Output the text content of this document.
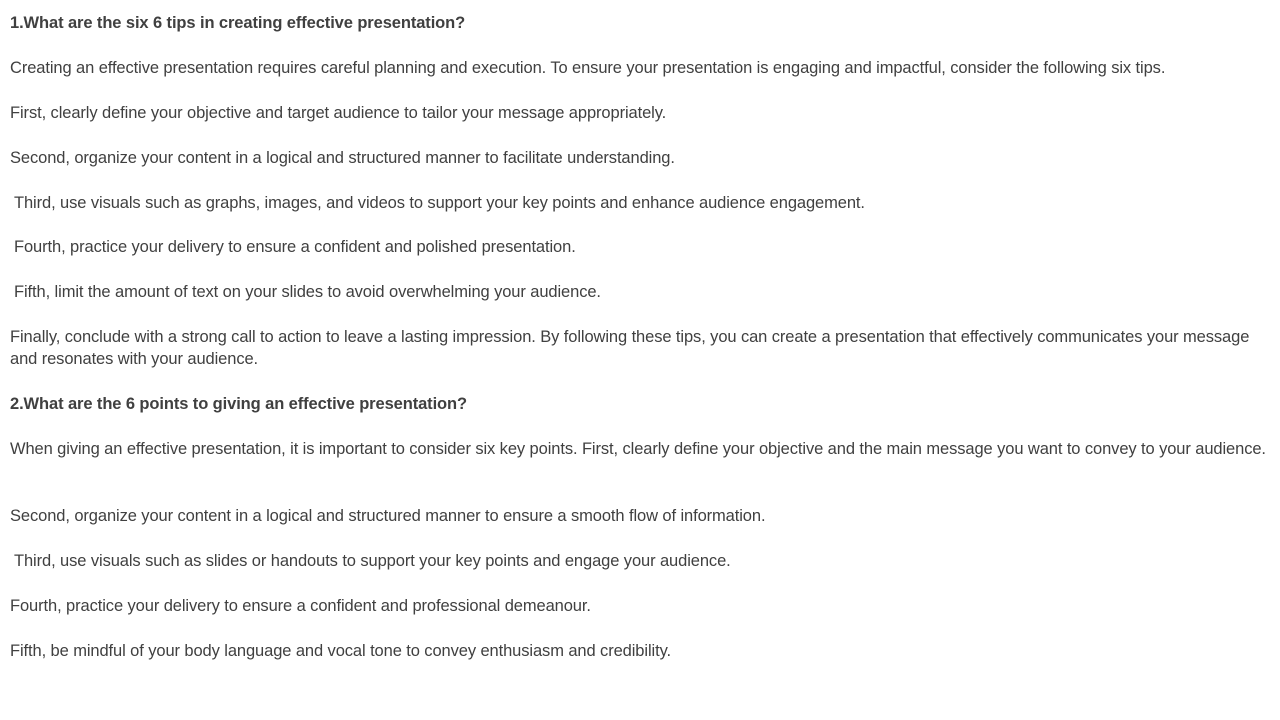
1.What are the six 6 tips in creating effective presentation?
Creating an effective presentation requires careful planning and execution. To ensure your presentation is engaging and impactful, consider the following six tips.
First, clearly define your objective and target audience to tailor your message appropriately.
Second, organize your content in a logical and structured manner to facilitate understanding.
Third, use visuals such as graphs, images, and videos to support your key points and enhance audience engagement.
Fourth, practice your delivery to ensure a confident and polished presentation.
Fifth, limit the amount of text on your slides to avoid overwhelming your audience.
Finally, conclude with a strong call to action to leave a lasting impression. By following these tips, you can create a presentation that effectively communicates your message and resonates with your audience.
2.What are the 6 points to giving an effective presentation?
When giving an effective presentation, it is important to consider six key points. First, clearly define your objective and the main message you want to convey to your audience.
Second, organize your content in a logical and structured manner to ensure a smooth flow of information.
Third, use visuals such as slides or handouts to support your key points and engage your audience.
Fourth, practice your delivery to ensure a confident and professional demeanour.
Fifth, be mindful of your body language and vocal tone to convey enthusiasm and credibility.
